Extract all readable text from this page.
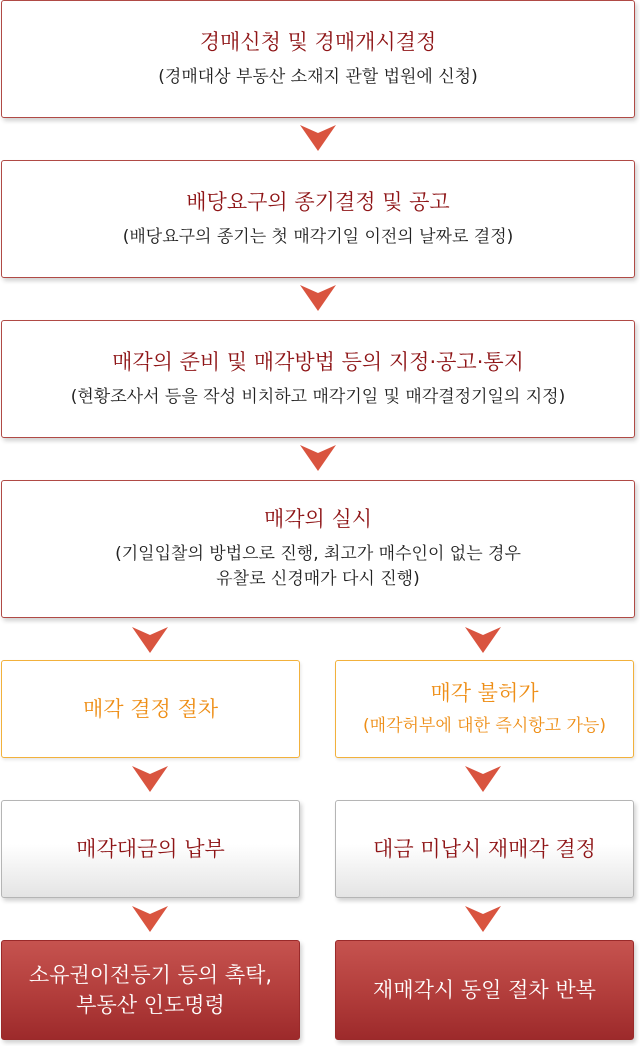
경매신청 및 경매개시결정
(경매대상 부동산 소재지 관할 법원에 신청)
배당요구의 종기결정 및 공고
(배당요구의 종기는 첫 매각기일 이전의 날짜로 결정)
매각의 준비 및 매각방법 등의 지정·공고·통지
(현황조사서 등을 작성 비치하고 매각기일 및 매각결정기일의 지정)
매각의 실시
(기일입찰의 방법으로 진행, 최고가 매수인이 없는 경우
유찰로 신경매가 다시 진행)
매각 결정 절차
매각대금의 납부
소유권이전등기 등의 촉탁,
부동산 인도명령
매각 불허가
(매각허부에 대한 즉시항고 가능)
대금 미납시 재매각 결정
재매각시 동일 절차 반복
